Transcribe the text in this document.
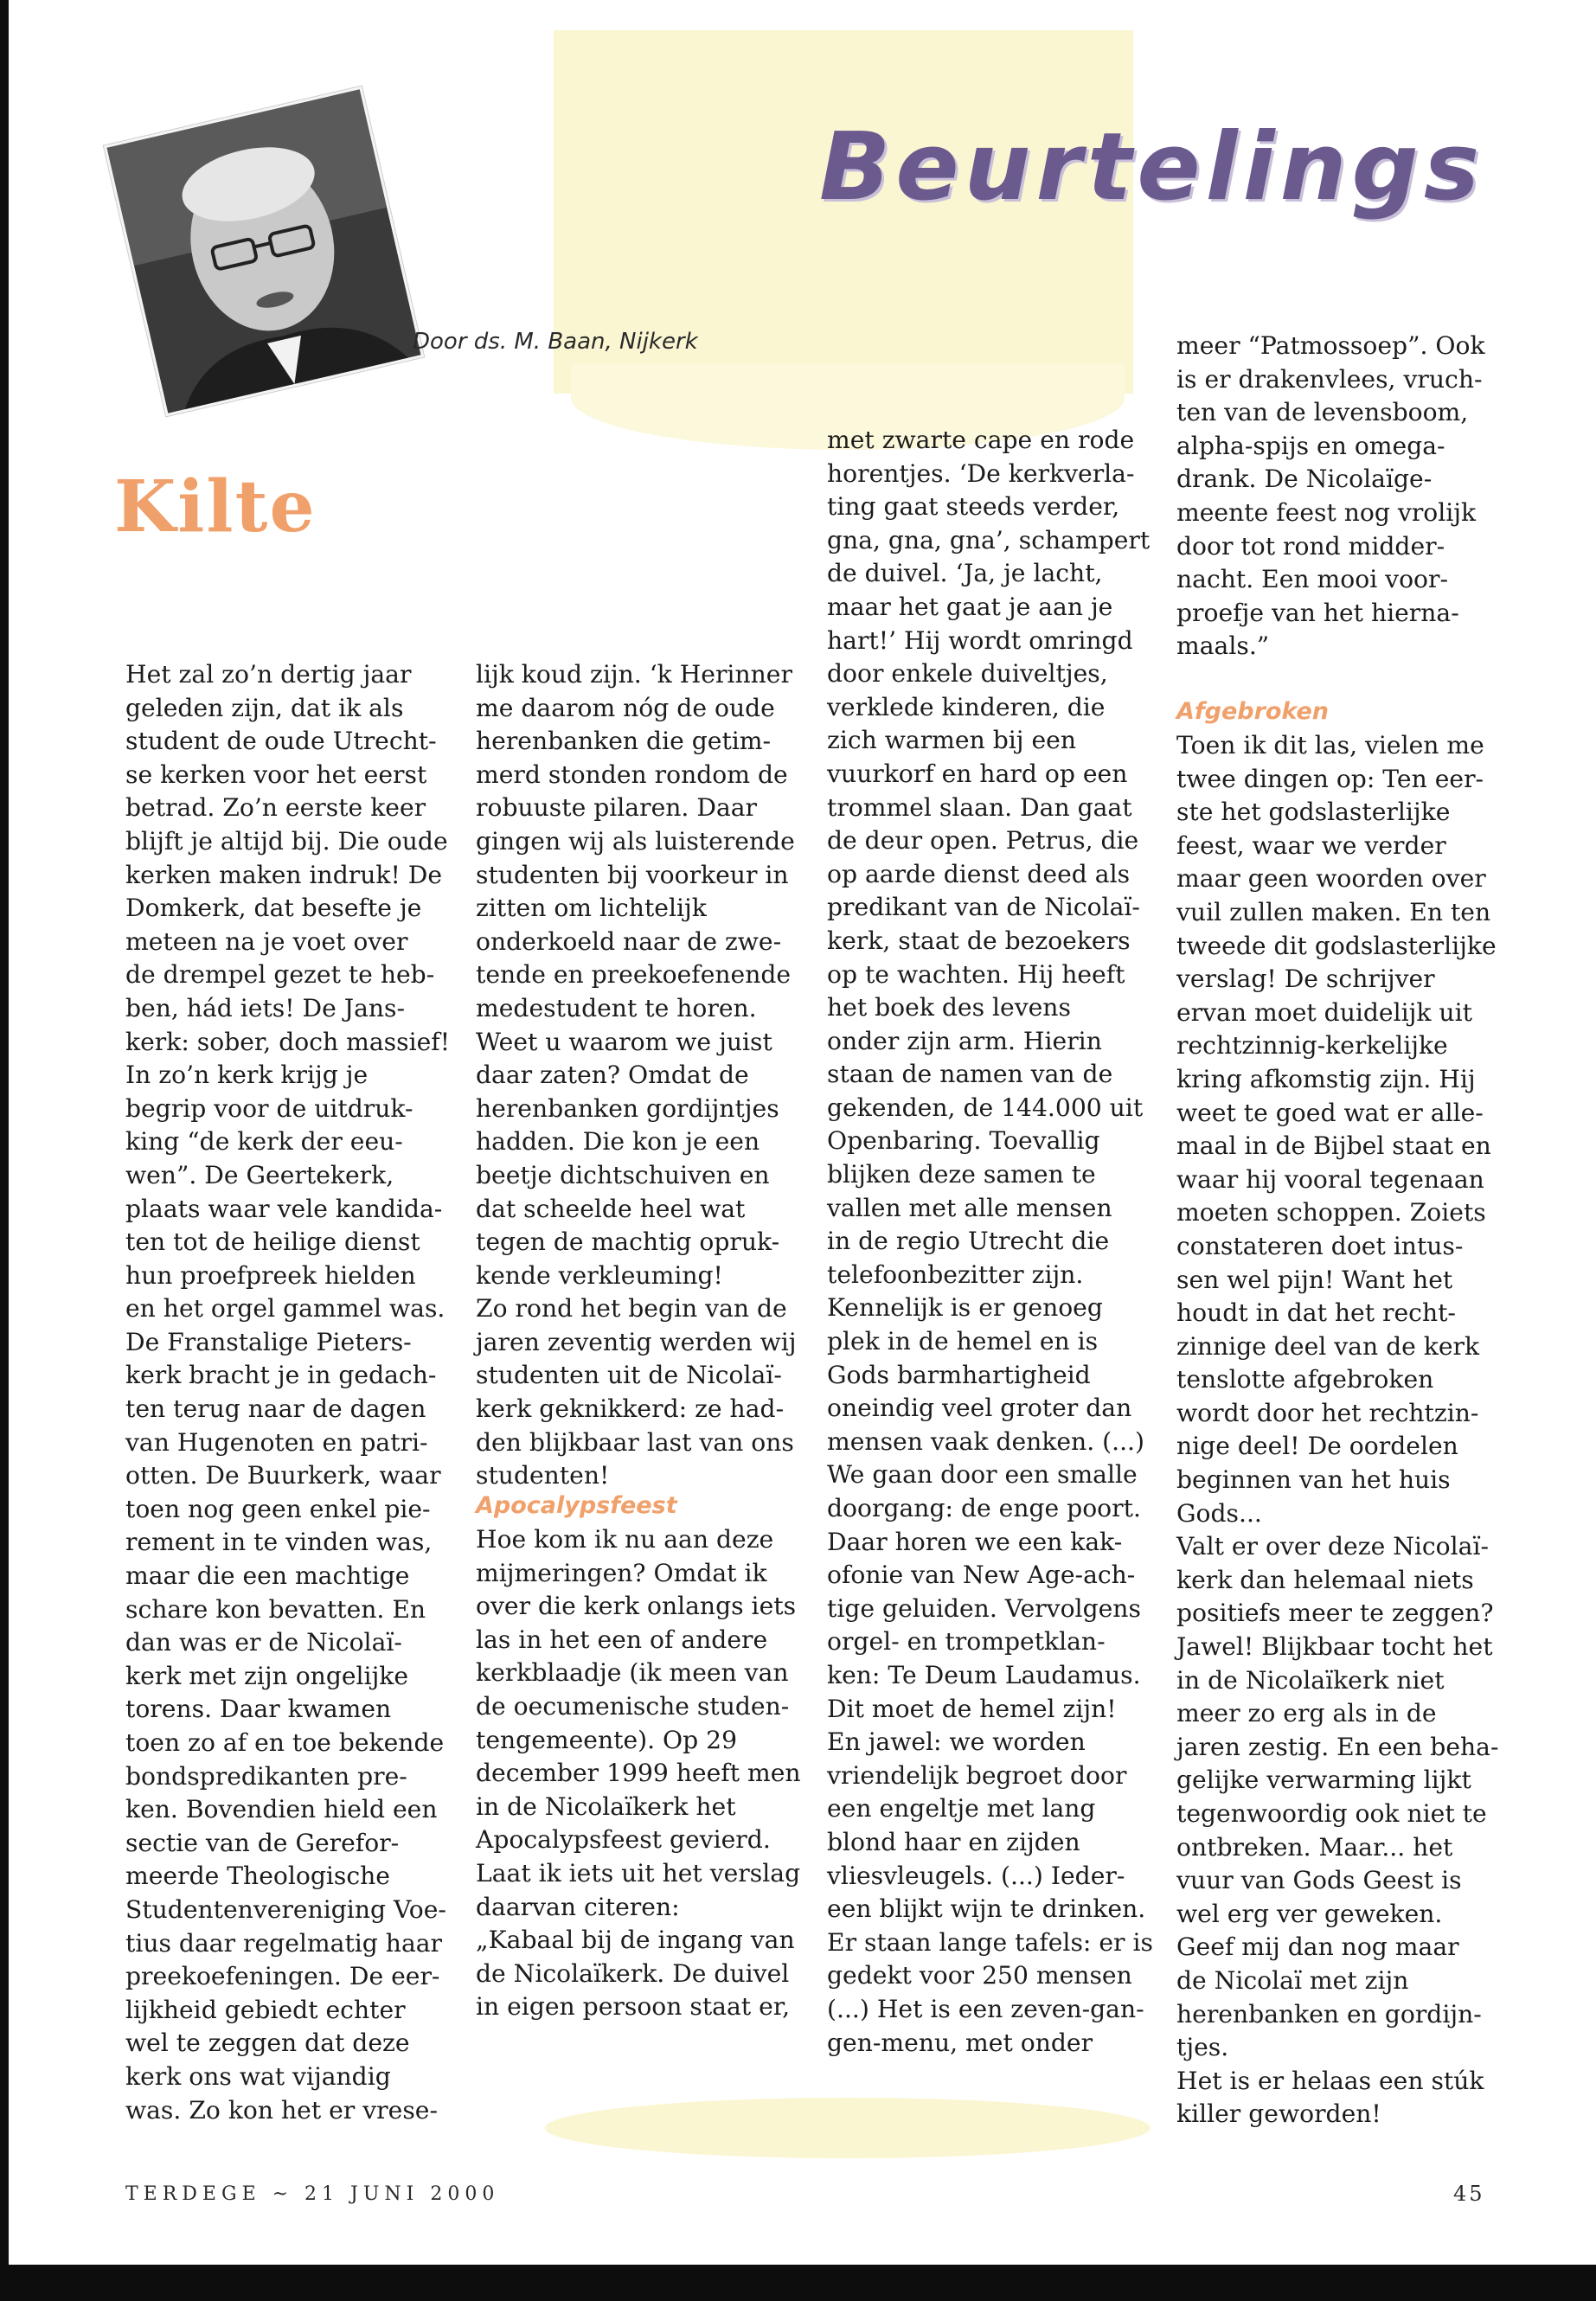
Beurtelings
Kilte
Door ds. M. Baan, Nijkerk

Het zal zo’n dertig jaar
geleden zijn, dat ik als
student de oude Utrecht-
se kerken voor het eerst
betrad. Zo’n eerste keer
blijft je altijd bij. Die oude
kerken maken indruk! De
Domkerk, dat besefte je
meteen na je voet over
de drempel gezet te heb-
ben, hád iets! De Jans-
kerk: sober, doch massief!
In zo’n kerk krijg je
begrip voor de uitdruk-
king “de kerk der eeu-
wen”. De Geertekerk,
plaats waar vele kandida-
ten tot de heilige dienst
hun proefpreek hielden
en het orgel gammel was.
De Franstalige Pieters-
kerk bracht je in gedach-
ten terug naar de dagen
van Hugenoten en patri-
otten. De Buurkerk, waar
toen nog geen enkel pie-
rement in te vinden was,
maar die een machtige
schare kon bevatten. En
dan was er de Nicolaï-
kerk met zijn ongelijke
torens. Daar kwamen
toen zo af en toe bekende
bondspredikanten pre-
ken. Bovendien hield een
sectie van de Gerefor-
meerde Theologische
Studentenvereniging Voe-
tius daar regelmatig haar
preekoefeningen. De eer-
lijkheid gebiedt echter
wel te zeggen dat deze
kerk ons wat vijandig
was. Zo kon het er vrese-

lijk koud zijn. ‘k Herinner
me daarom nóg de oude
herenbanken die getim-
merd stonden rondom de
robuuste pilaren. Daar
gingen wij als luisterende
studenten bij voorkeur in
zitten om lichtelijk
onderkoeld naar de zwe-
tende en preekoefenende
medestudent te horen.
Weet u waarom we juist
daar zaten? Omdat de
herenbanken gordijntjes
hadden. Die kon je een
beetje dichtschuiven en
dat scheelde heel wat
tegen de machtig opruk-
kende verkleuming!
Zo rond het begin van de
jaren zeventig werden wij
studenten uit de Nicolaï-
kerk geknikkerd: ze had-
den blijkbaar last van ons
studenten!

Apocalypsfeest

Hoe kom ik nu aan deze
mijmeringen? Omdat ik
over die kerk onlangs iets
las in het een of andere
kerkblaadje (ik meen van
de oecumenische studen-
tengemeente). Op 29
december 1999 heeft men
in de Nicolaïkerk het
Apocalypsfeest gevierd.
Laat ik iets uit het verslag
daarvan citeren:
„Kabaal bij de ingang van
de Nicolaïkerk. De duivel
in eigen persoon staat er,

met zwarte cape en rode
horentjes. ‘De kerkverla-
ting gaat steeds verder,
gna, gna, gna’, schampert
de duivel. ‘Ja, je lacht,
maar het gaat je aan je
hart!’ Hij wordt omringd
door enkele duiveltjes,
verklede kinderen, die
zich warmen bij een
vuurkorf en hard op een
trommel slaan. Dan gaat
de deur open. Petrus, die
op aarde dienst deed als
predikant van de Nicolaï-
kerk, staat de bezoekers
op te wachten. Hij heeft
het boek des levens
onder zijn arm. Hierin
staan de namen van de
gekenden, de 144.000 uit
Openbaring. Toevallig
blijken deze samen te
vallen met alle mensen
in de regio Utrecht die
telefoonbezitter zijn.
Kennelijk is er genoeg
plek in de hemel en is
Gods barmhartigheid
oneindig veel groter dan
mensen vaak denken. (...)
We gaan door een smalle
doorgang: de enge poort.
Daar horen we een kak-
ofonie van New Age-ach-
tige geluiden. Vervolgens
orgel- en trompetklan-
ken: Te Deum Laudamus.
Dit moet de hemel zijn!
En jawel: we worden
vriendelijk begroet door
een engeltje met lang
blond haar en zijden
vliesvleugels. (...) Ieder-
een blijkt wijn te drinken.
Er staan lange tafels: er is
gedekt voor 250 mensen
(...) Het is een zeven-gan-
gen-menu, met onder

meer “Patmossoep”. Ook
is er drakenvlees, vruch-
ten van de levensboom,
alpha-spijs en omega-
drank. De Nicolaïge-
meente feest nog vrolijk
door tot rond midder-
nacht. Een mooi voor-
proefje van het hierna-
maals.”

Afgebroken

Toen ik dit las, vielen me
twee dingen op: Ten eer-
ste het godslasterlijke
feest, waar we verder
maar geen woorden over
vuil zullen maken. En ten
tweede dit godslasterlijke
verslag! De schrijver
ervan moet duidelijk uit
rechtzinnig-kerkelijke
kring afkomstig zijn. Hij
weet te goed wat er alle-
maal in de Bijbel staat en
waar hij vooral tegenaan
moeten schoppen. Zoiets
constateren doet intus-
sen wel pijn! Want het
houdt in dat het recht-
zinnige deel van de kerk
tenslotte afgebroken
wordt door het rechtzin-
nige deel! De oordelen
beginnen van het huis
Gods...
Valt er over deze Nicolaï-
kerk dan helemaal niets
positiefs meer te zeggen?
Jawel! Blijkbaar tocht het
in de Nicolaïkerk niet
meer zo erg als in de
jaren zestig. En een beha-
gelijke verwarming lijkt
tegenwoordig ook niet te
ontbreken. Maar... het
vuur van Gods Geest is
wel erg ver geweken.
Geef mij dan nog maar
de Nicolaï met zijn
herenbanken en gordijn-
tjes.
Het is er helaas een stúk
killer geworden!

TERDEGE ~ 21 JUNI 2000	45
